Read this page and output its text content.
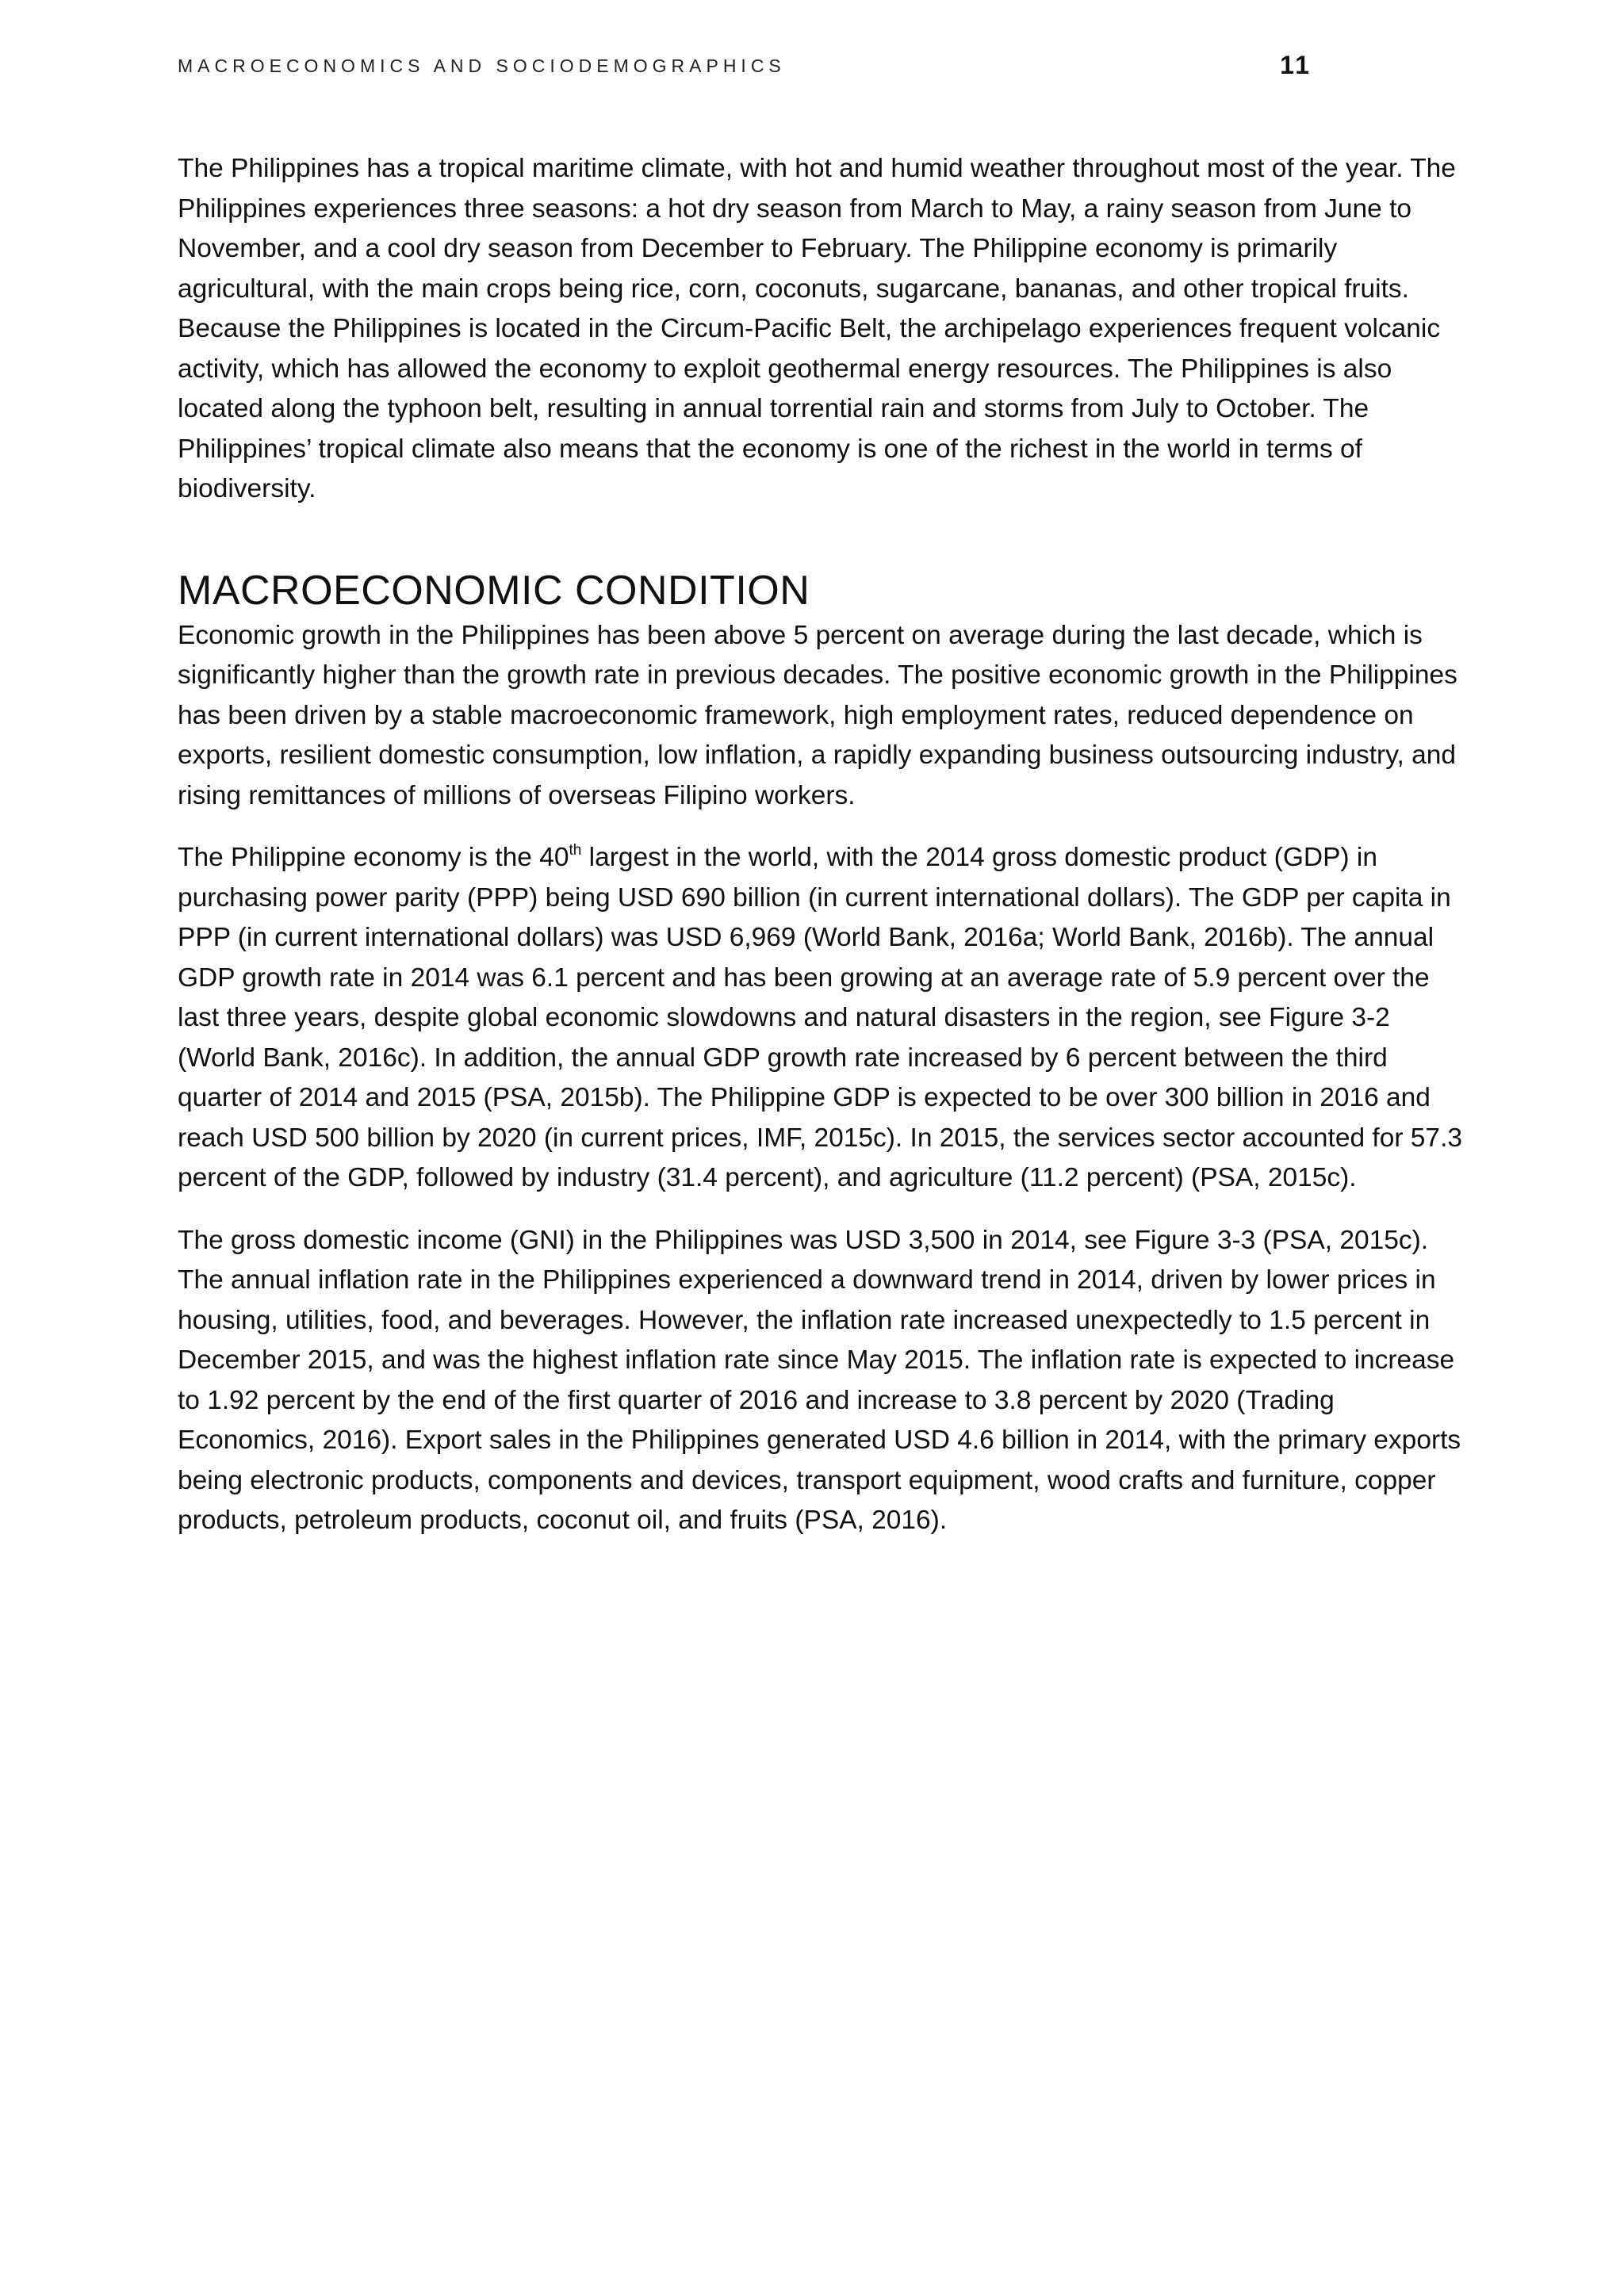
MACROECONOMICS AND SOCIODEMOGRAPHICS	11

The Philippines has a tropical maritime climate, with hot and humid weather throughout most of the year. The Philippines experiences three seasons: a hot dry season from March to May, a rainy season from June to November, and a cool dry season from December to February. The Philippine economy is primarily agricultural, with the main crops being rice, corn, coconuts, sugarcane, bananas, and other tropical fruits. Because the Philippines is located in the Circum-Pacific Belt, the archipelago experiences frequent volcanic activity, which has allowed the economy to exploit geothermal energy resources. The Philippines is also located along the typhoon belt, resulting in annual torrential rain and storms from July to October. The Philippines’ tropical climate also means that the economy is one of the richest in the world in terms of biodiversity.

MACROECONOMIC CONDITION

Economic growth in the Philippines has been above 5 percent on average during the last decade, which is significantly higher than the growth rate in previous decades. The positive economic growth in the Philippines has been driven by a stable macroeconomic framework, high employment rates, reduced dependence on exports, resilient domestic consumption, low inflation, a rapidly expanding business outsourcing industry, and rising remittances of millions of overseas Filipino workers.

The Philippine economy is the 40th largest in the world, with the 2014 gross domestic product (GDP) in purchasing power parity (PPP) being USD 690 billion (in current international dollars). The GDP per capita in PPP (in current international dollars) was USD 6,969 (World Bank, 2016a; World Bank, 2016b). The annual GDP growth rate in 2014 was 6.1 percent and has been growing at an average rate of 5.9 percent over the last three years, despite global economic slowdowns and natural disasters in the region, see Figure 3-2 (World Bank, 2016c). In addition, the annual GDP growth rate increased by 6 percent between the third quarter of 2014 and 2015 (PSA, 2015b). The Philippine GDP is expected to be over 300 billion in 2016 and reach USD 500 billion by 2020 (in current prices, IMF, 2015c). In 2015, the services sector accounted for 57.3 percent of the GDP, followed by industry (31.4 percent), and agriculture (11.2 percent) (PSA, 2015c).

The gross domestic income (GNI) in the Philippines was USD 3,500 in 2014, see Figure 3-3 (PSA, 2015c). The annual inflation rate in the Philippines experienced a downward trend in 2014, driven by lower prices in housing, utilities, food, and beverages. However, the inflation rate increased unexpectedly to 1.5 percent in December 2015, and was the highest inflation rate since May 2015. The inflation rate is expected to increase to 1.92 percent by the end of the first quarter of 2016 and increase to 3.8 percent by 2020 (Trading Economics, 2016). Export sales in the Philippines generated USD 4.6 billion in 2014, with the primary exports being electronic products, components and devices, transport equipment, wood crafts and furniture, copper products, petroleum products, coconut oil, and fruits (PSA, 2016).
